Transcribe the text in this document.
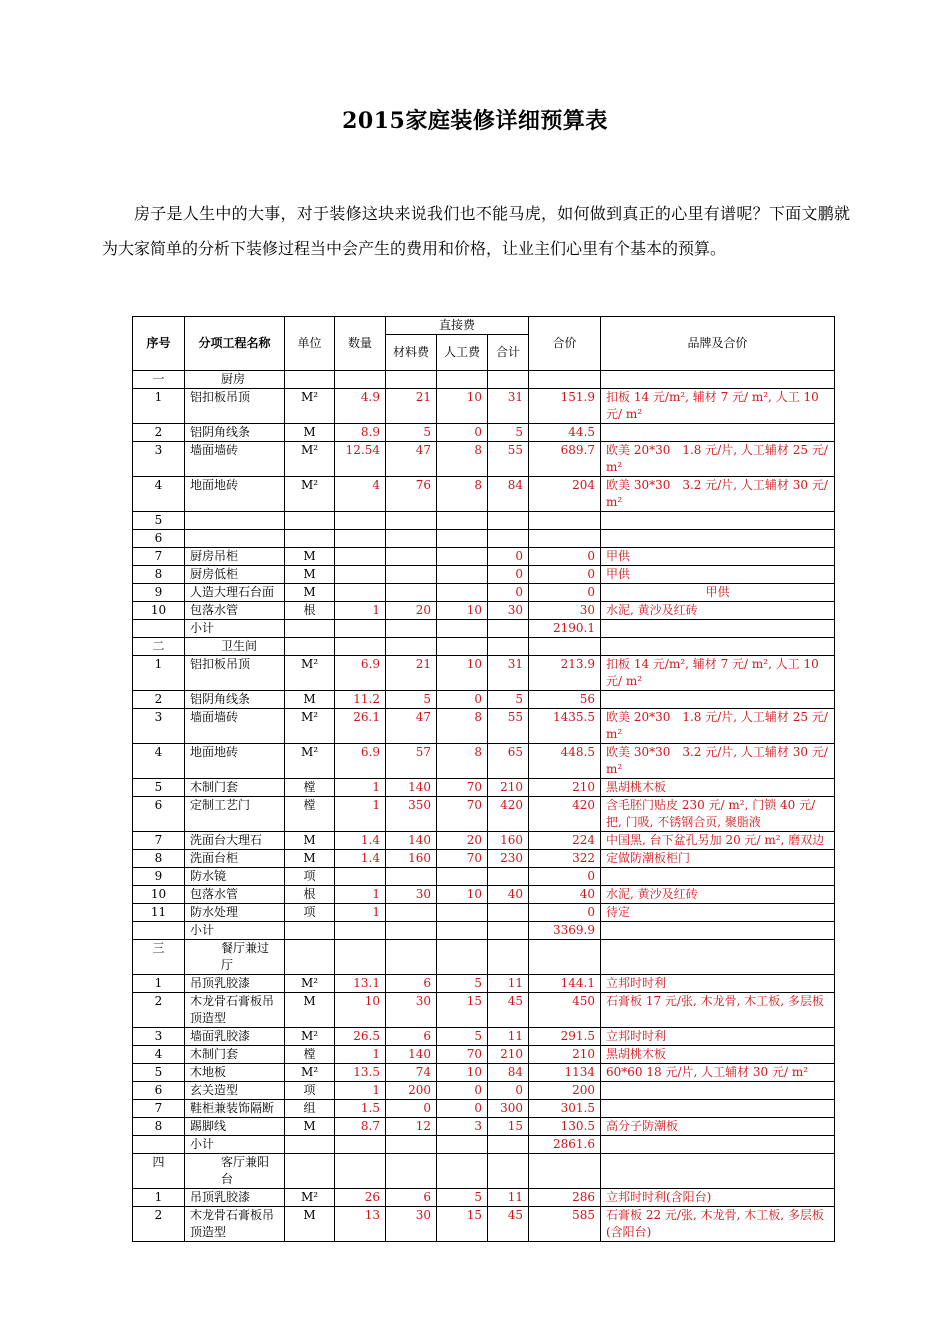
2015家庭装修详细预算表

房子是人生中的大事，对于装修这块来说我们也不能马虎，如何做到真正的心里有谱呢？下面文鹏就为大家简单的分析下装修过程当中会产生的费用和价格，让业主们心里有个基本的预算。

序号	分项工程名称	单位	数量	直接费			合价	品牌及合价
				材料费	人工费	合计		
一	厨房							
1	铝扣板吊顶	M²	4.9	21	10	31	151.9	扣板 14 元/m², 辅材 7 元/ m², 人工 10 元/ m²
2	铝阴角线条	M	8.9	5	0	5	44.5	
3	墙面墙砖	M²	12.54	47	8	55	689.7	欧美 20*30　1.8 元/片, 人工辅材 25 元/ m²
4	地面地砖	M²	4	76	8	84	204	欧美 30*30　3.2 元/片, 人工辅材 30 元/ m²
5								
6								
7	厨房吊柜	M				0	0	甲供
8	厨房低柜	M				0	0	甲供
9	人造大理石台面	M				0	0	甲供
10	包落水管	根	1	20	10	30	30	水泥, 黄沙及红砖
	小计						2190.1	
二	卫生间							
1	铝扣板吊顶	M²	6.9	21	10	31	213.9	扣板 14 元/m², 辅材 7 元/ m², 人工 10 元/ m²
2	铝阴角线条	M	11.2	5	0	5	56	
3	墙面墙砖	M²	26.1	47	8	55	1435.5	欧美 20*30　1.8 元/片, 人工辅材 25 元/ m²
4	地面地砖	M²	6.9	57	8	65	448.5	欧美 30*30　3.2 元/片, 人工辅材 30 元/ m²
5	木制门套	樘	1	140	70	210	210	黑胡桃木板
6	定制工艺门	樘	1	350	70	420	420	含毛胚门贴皮 230 元/ m², 门锁 40 元/把, 门吸, 不锈钢合页, 聚脂液
7	洗面台大理石	M	1.4	140	20	160	224	中国黑, 台下盆孔另加 20 元/ m², 磨双边
8	洗面台柜	M	1.4	160	70	230	322	定做防潮板柜门
9	防水镜	项					0	
10	包落水管	根	1	30	10	40	40	水泥, 黄沙及红砖
11	防水处理	项	1				0	待定
	小计						3369.9	
三	餐厅兼过厅							
1	吊顶乳胶漆	M²	13.1	6	5	11	144.1	立邦时时利
2	木龙骨石膏板吊顶造型	M	10	30	15	45	450	石膏板 17 元/张, 木龙骨, 木工板, 多层板
3	墙面乳胶漆	M²	26.5	6	5	11	291.5	立邦时时利
4	木制门套	樘	1	140	70	210	210	黑胡桃木板
5	木地板	M²	13.5	74	10	84	1134	60*60 18 元/片, 人工辅材 30 元/ m²
6	玄关造型	项	1	200	0	0	200	
7	鞋柜兼装饰隔断	组	1.5	0	0	300	301.5	
8	踢脚线	M	8.7	12	3	15	130.5	高分子防潮板
	小计						2861.6	
四	客厅兼阳台							
1	吊顶乳胶漆	M²	26	6	5	11	286	立邦时时利(含阳台)
2	木龙骨石膏板吊顶造型	M	13	30	15	45	585	石膏板 22 元/张, 木龙骨, 木工板, 多层板(含阳台)
